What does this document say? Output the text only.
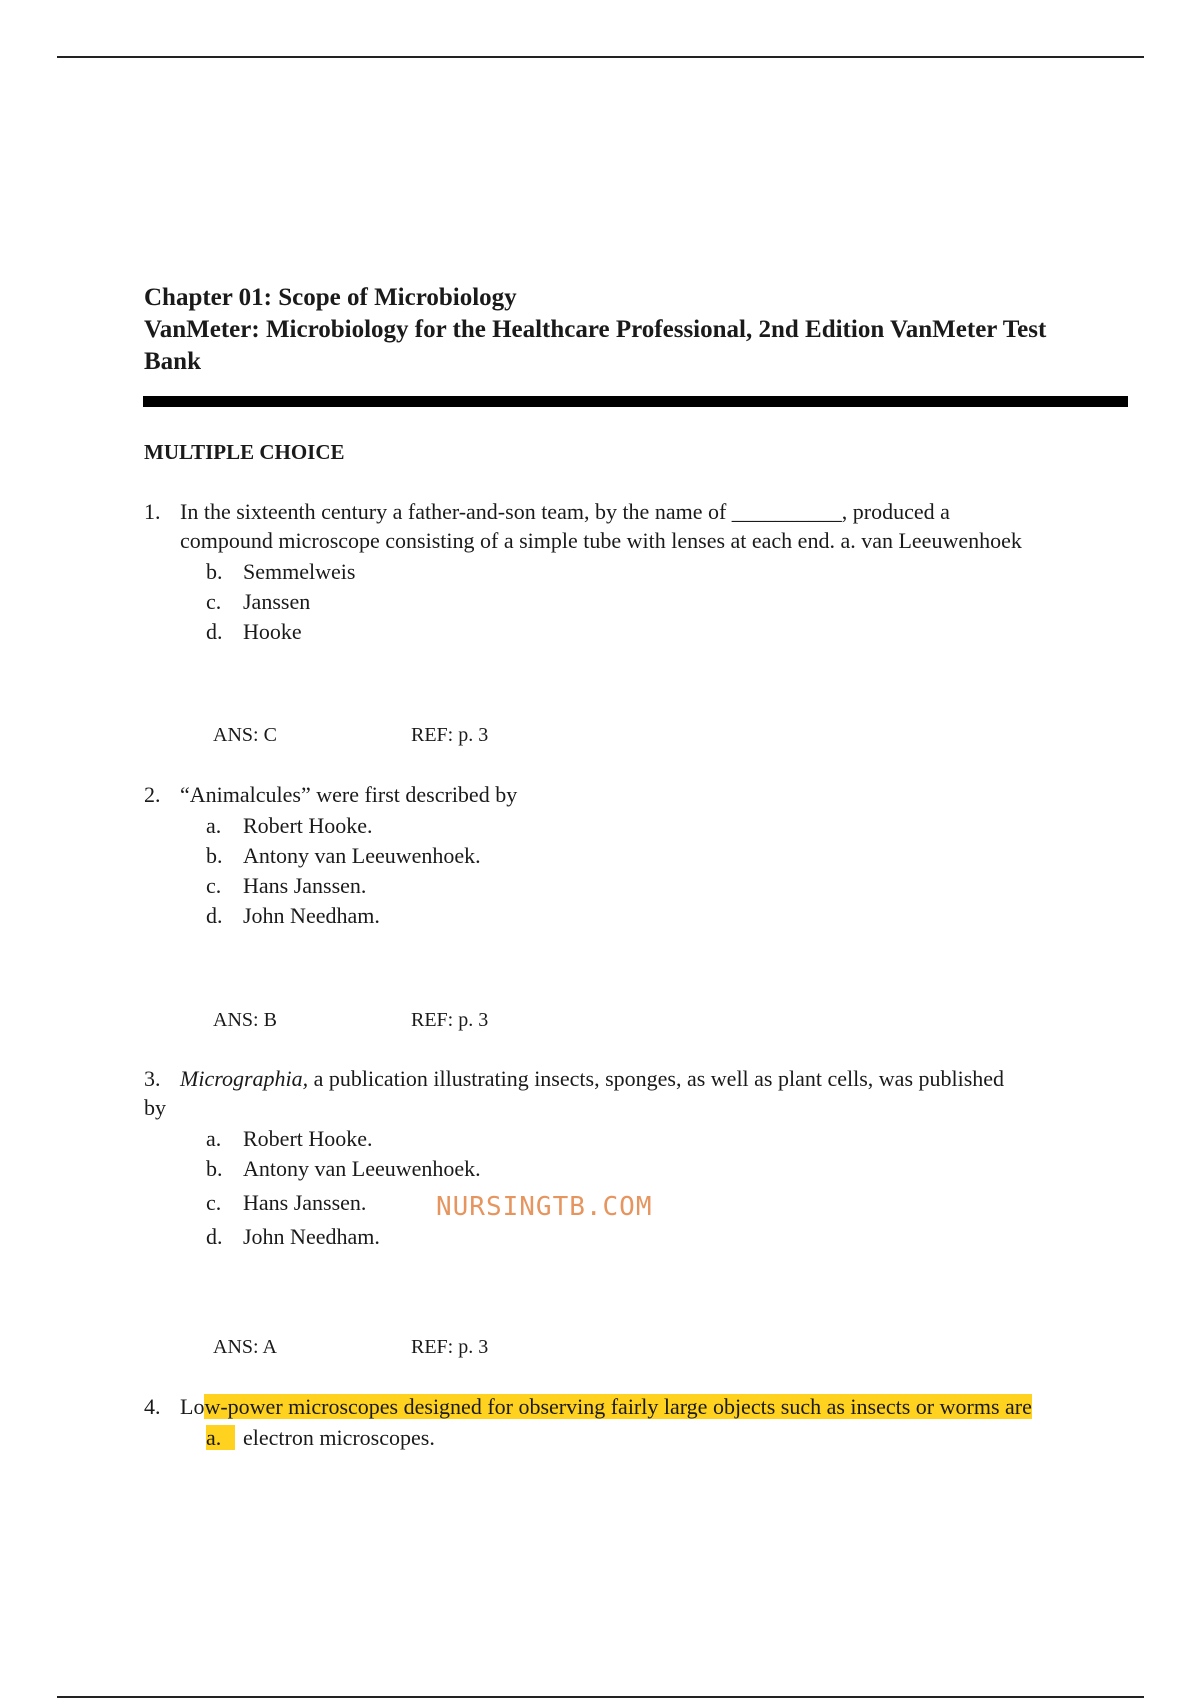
Chapter 01: Scope of Microbiology
VanMeter: Microbiology for the Healthcare Professional, 2nd Edition VanMeter Test
Bank
MULTIPLE CHOICE
1. In the sixteenth century a father-and-son team, by the name of __________, produced a
compound microscope consisting of a simple tube with lenses at each end. a. van Leeuwenhoek
b. Semmelweis
c. Janssen
d. Hooke
ANS: C	REF: p. 3
2. “Animalcules” were first described by
a. Robert Hooke.
b. Antony van Leeuwenhoek.
c. Hans Janssen.
d. John Needham.
ANS: B	REF: p. 3
3. Micrographia, a publication illustrating insects, sponges, as well as plant cells, was published
by
a. Robert Hooke.
b. Antony van Leeuwenhoek.
c. Hans Janssen.
d. John Needham.
ANS: A	REF: p. 3
NURSINGTB.COM
4. Low-power microscopes designed for observing fairly large objects such as insects or worms are
a. electron microscopes.
